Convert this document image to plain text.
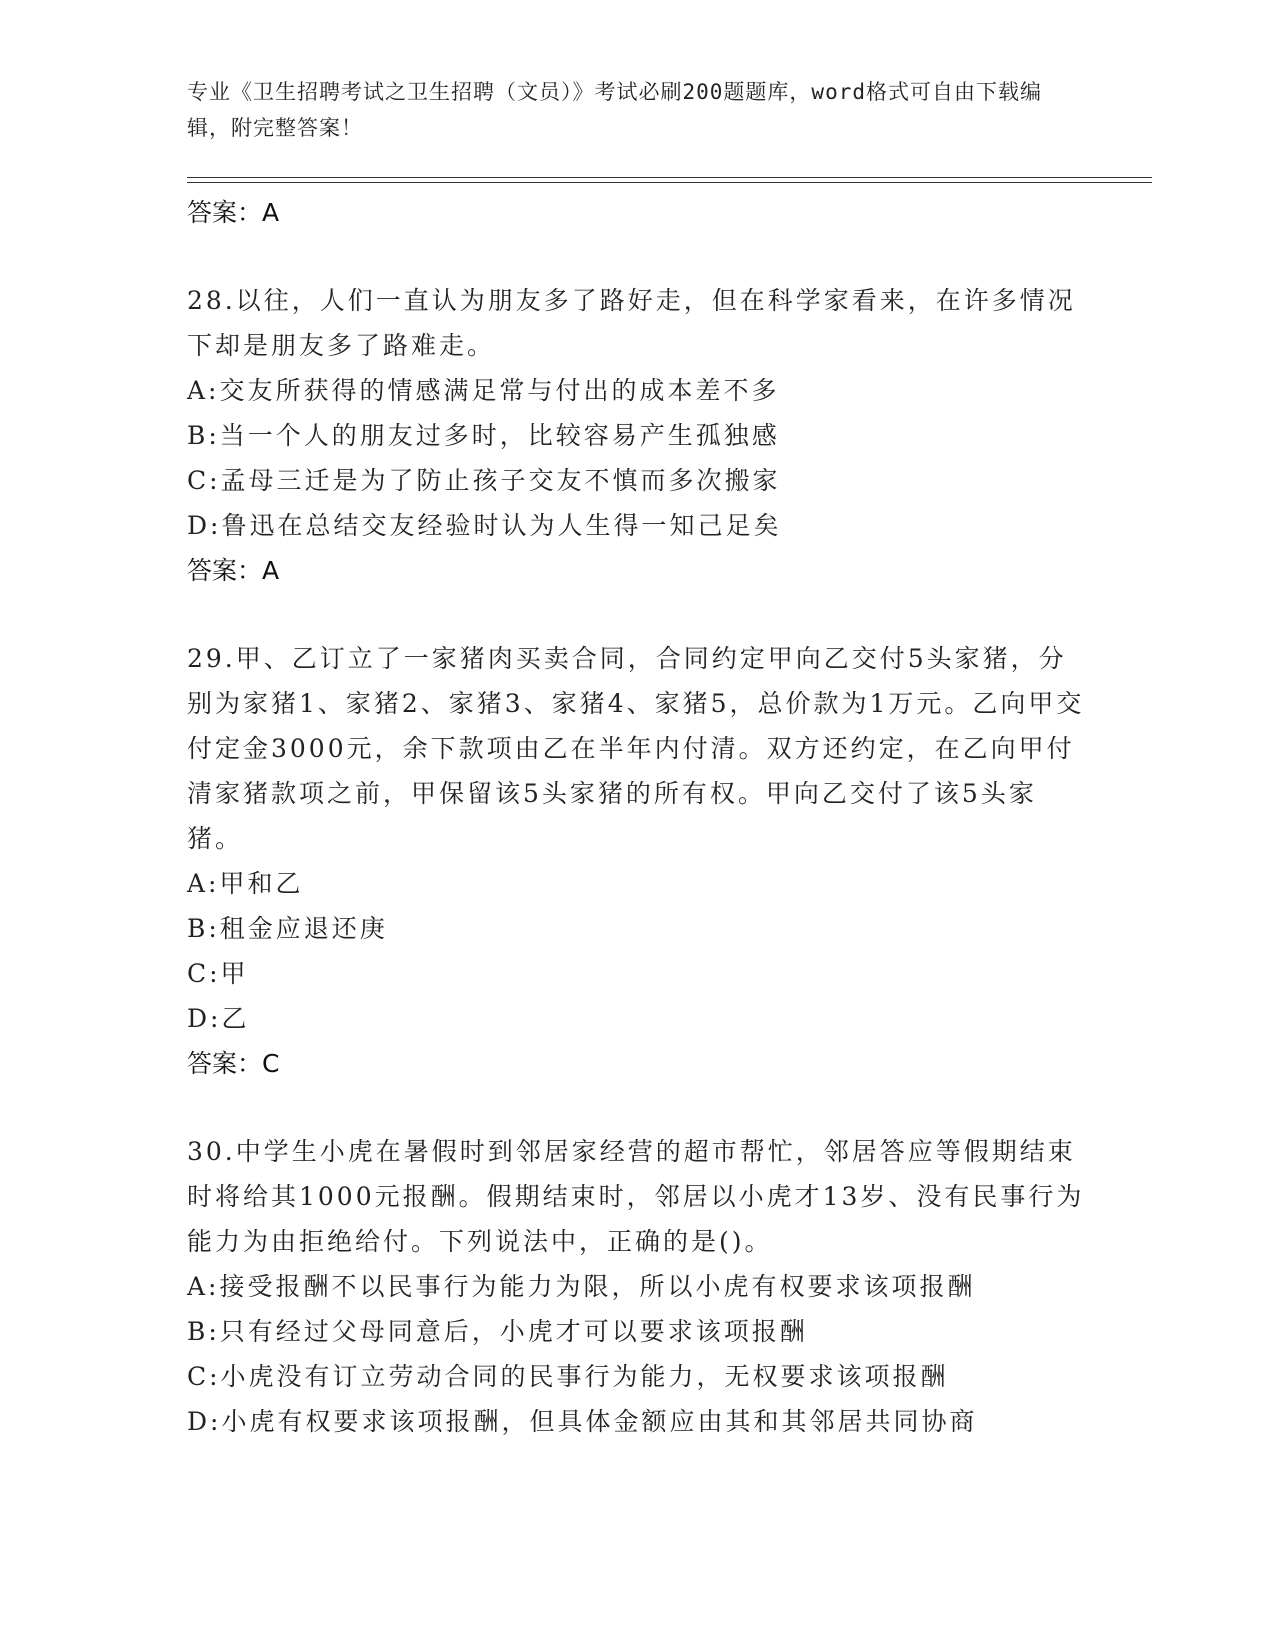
专业《卫生招聘考试之卫生招聘（文员）》考试必刷200题题库，word格式可自由下载编辑，附完整答案！
答案：A
28.以往，人们一直认为朋友多了路好走，但在科学家看来，在许多情况下却是朋友多了路难走。
A:交友所获得的情感满足常与付出的成本差不多
B:当一个人的朋友过多时，比较容易产生孤独感
C:孟母三迁是为了防止孩子交友不慎而多次搬家
D:鲁迅在总结交友经验时认为人生得一知己足矣
答案：A
29.甲、乙订立了一家猪肉买卖合同，合同约定甲向乙交付5头家猪，分别为家猪1、家猪2、家猪3、家猪4、家猪5，总价款为1万元。乙向甲交付定金3000元，余下款项由乙在半年内付清。双方还约定，在乙向甲付清家猪款项之前，甲保留该5头家猪的所有权。甲向乙交付了该5头家猪。
A:甲和乙
B:租金应退还庚
C:甲
D:乙
答案：C
30.中学生小虎在暑假时到邻居家经营的超市帮忙，邻居答应等假期结束时将给其1000元报酬。假期结束时，邻居以小虎才13岁、没有民事行为能力为由拒绝给付。下列说法中，正确的是()。
A:接受报酬不以民事行为能力为限，所以小虎有权要求该项报酬
B:只有经过父母同意后，小虎才可以要求该项报酬
C:小虎没有订立劳动合同的民事行为能力，无权要求该项报酬
D:小虎有权要求该项报酬，但具体金额应由其和其邻居共同协商
